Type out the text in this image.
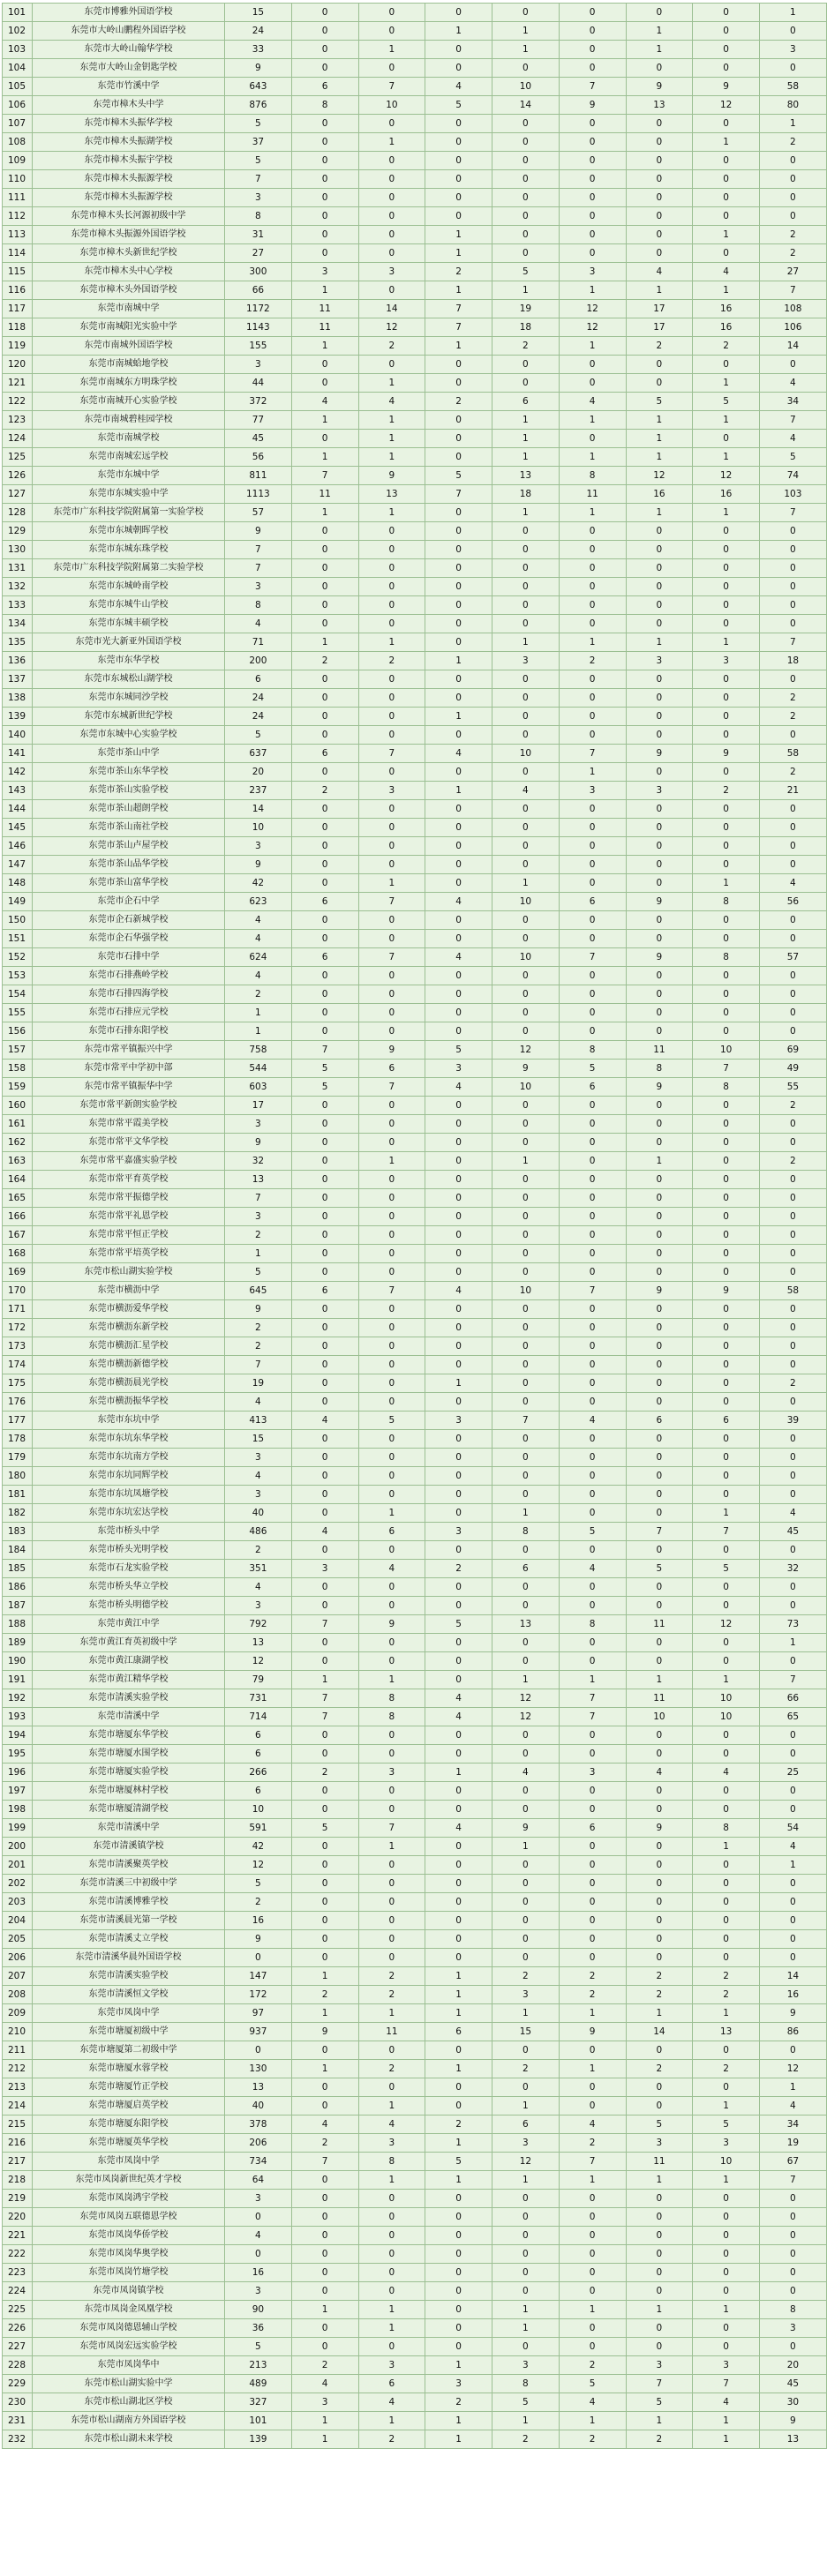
101	东莞市博雅外国语学校	15	0	0	0	0	0	0	0	1
102	东莞市大岭山鹏程外国语学校	24	0	0	1	1	0	1	0	0
103	东莞市大岭山翰华学校	33	0	1	0	1	0	1	0	3
104	东莞市大岭山金钥匙学校	9	0	0	0	0	0	0	0	0
105	东莞市竹溪中学	643	6	7	4	10	7	9	9	58
106	东莞市樟木头中学	876	8	10	5	14	9	13	12	80
107	东莞市樟木头振华学校	5	0	0	0	0	0	0	0	1
108	东莞市樟木头振湖学校	37	0	1	0	0	0	0	1	2
109	东莞市樟木头振宇学校	5	0	0	0	0	0	0	0	0
110	东莞市樟木头振源学校	7	0	0	0	0	0	0	0	0
111	东莞市樟木头振源学校	3	0	0	0	0	0	0	0	0
112	东莞市樟木头长河源初级中学	8	0	0	0	0	0	0	0	0
113	东莞市樟木头振源外国语学校	31	0	0	1	0	0	0	1	2
114	东莞市樟木头新世纪学校	27	0	0	1	0	0	0	0	2
115	东莞市樟木头中心学校	300	3	3	2	5	3	4	4	27
116	东莞市樟木头外国语学校	66	1	0	1	1	1	1	1	7
117	东莞市南城中学	1172	11	14	7	19	12	17	16	108
118	东莞市南城阳光实验中学	1143	11	12	7	18	12	17	16	106
119	东莞市南城外国语学校	155	1	2	1	2	1	2	2	14
120	东莞市南城蛤地学校	3	0	0	0	0	0	0	0	0
121	东莞市南城东方明珠学校	44	0	1	0	0	0	0	1	4
122	东莞市南城开心实验学校	372	4	4	2	6	4	5	5	34
123	东莞市南城碧桂园学校	77	1	1	0	1	1	1	1	7
124	东莞市南城学校	45	0	1	0	1	0	1	0	4
125	东莞市南城宏远学校	56	1	1	0	1	1	1	1	5
126	东莞市东城中学	811	7	9	5	13	8	12	12	74
127	东莞市东城实验中学	1113	11	13	7	18	11	16	16	103
128	东莞市广东科技学院附属第一实验学校	57	1	1	0	1	1	1	1	7
129	东莞市东城朝晖学校	9	0	0	0	0	0	0	0	0
130	东莞市东城东珠学校	7	0	0	0	0	0	0	0	0
131	东莞市广东科技学院附属第二实验学校	7	0	0	0	0	0	0	0	0
132	东莞市东城岭南学校	3	0	0	0	0	0	0	0	0
133	东莞市东城牛山学校	8	0	0	0	0	0	0	0	0
134	东莞市东城丰硕学校	4	0	0	0	0	0	0	0	0
135	东莞市光大新亚外国语学校	71	1	1	0	1	1	1	1	7
136	东莞市东华学校	200	2	2	1	3	2	3	3	18
137	东莞市东城松山湖学校	6	0	0	0	0	0	0	0	0
138	东莞市东城同沙学校	24	0	0	0	0	0	0	0	2
139	东莞市东城新世纪学校	24	0	0	1	0	0	0	0	2
140	东莞市东城中心实验学校	5	0	0	0	0	0	0	0	0
141	东莞市茶山中学	637	6	7	4	10	7	9	9	58
142	东莞市茶山东华学校	20	0	0	0	0	1	0	0	2
143	东莞市茶山实验学校	237	2	3	1	4	3	3	2	21
144	东莞市茶山超朗学校	14	0	0	0	0	0	0	0	0
145	东莞市茶山南社学校	10	0	0	0	0	0	0	0	0
146	东莞市茶山卢屋学校	3	0	0	0	0	0	0	0	0
147	东莞市茶山品华学校	9	0	0	0	0	0	0	0	0
148	东莞市茶山富华学校	42	0	1	0	1	0	0	1	4
149	东莞市企石中学	623	6	7	4	10	6	9	8	56
150	东莞市企石新城学校	4	0	0	0	0	0	0	0	0
151	东莞市企石华强学校	4	0	0	0	0	0	0	0	0
152	东莞市石排中学	624	6	7	4	10	7	9	8	57
153	东莞市石排燕岭学校	4	0	0	0	0	0	0	0	0
154	东莞市石排四海学校	2	0	0	0	0	0	0	0	0
155	东莞市石排应元学校	1	0	0	0	0	0	0	0	0
156	东莞市石排东阳学校	1	0	0	0	0	0	0	0	0
157	东莞市常平镇振兴中学	758	7	9	5	12	8	11	10	69
158	东莞市常平中学初中部	544	5	6	3	9	5	8	7	49
159	东莞市常平镇振华中学	603	5	7	4	10	6	9	8	55
160	东莞市常平新朗实验学校	17	0	0	0	0	0	0	0	2
161	东莞市常平霞美学校	3	0	0	0	0	0	0	0	0
162	东莞市常平文华学校	9	0	0	0	0	0	0	0	0
163	东莞市常平嘉盛实验学校	32	0	1	0	1	0	1	0	2
164	东莞市常平育英学校	13	0	0	0	0	0	0	0	0
165	东莞市常平振德学校	7	0	0	0	0	0	0	0	0
166	东莞市常平礼恩学校	3	0	0	0	0	0	0	0	0
167	东莞市常平恒正学校	2	0	0	0	0	0	0	0	0
168	东莞市常平培英学校	1	0	0	0	0	0	0	0	0
169	东莞市松山湖实验学校	5	0	0	0	0	0	0	0	0
170	东莞市横沥中学	645	6	7	4	10	7	9	9	58
171	东莞市横沥爱华学校	9	0	0	0	0	0	0	0	0
172	东莞市横沥东新学校	2	0	0	0	0	0	0	0	0
173	东莞市横沥汇星学校	2	0	0	0	0	0	0	0	0
174	东莞市横沥新德学校	7	0	0	0	0	0	0	0	0
175	东莞市横沥晨光学校	19	0	0	1	0	0	0	0	2
176	东莞市横沥振华学校	4	0	0	0	0	0	0	0	0
177	东莞市东坑中学	413	4	5	3	7	4	6	6	39
178	东莞市东坑东华学校	15	0	0	0	0	0	0	0	0
179	东莞市东坑南方学校	3	0	0	0	0	0	0	0	0
180	东莞市东坑同辉学校	4	0	0	0	0	0	0	0	0
181	东莞市东坑凤塘学校	3	0	0	0	0	0	0	0	0
182	东莞市东坑宏达学校	40	0	1	0	1	0	0	1	4
183	东莞市桥头中学	486	4	6	3	8	5	7	7	45
184	东莞市桥头光明学校	2	0	0	0	0	0	0	0	0
185	东莞市石龙实验学校	351	3	4	2	6	4	5	5	32
186	东莞市桥头华立学校	4	0	0	0	0	0	0	0	0
187	东莞市桥头明德学校	3	0	0	0	0	0	0	0	0
188	东莞市黄江中学	792	7	9	5	13	8	11	12	73
189	东莞市黄江育英初级中学	13	0	0	0	0	0	0	0	1
190	东莞市黄江康湖学校	12	0	0	0	0	0	0	0	0
191	东莞市黄江精华学校	79	1	1	0	1	1	1	1	7
192	东莞市清溪实验学校	731	7	8	4	12	7	11	10	66
193	东莞市清溪中学	714	7	8	4	12	7	10	10	65
194	东莞市塘厦东华学校	6	0	0	0	0	0	0	0	0
195	东莞市塘厦水围学校	6	0	0	0	0	0	0	0	0
196	东莞市塘厦实验学校	266	2	3	1	4	3	4	4	25
197	东莞市塘厦林村学校	6	0	0	0	0	0	0	0	0
198	东莞市塘厦清湖学校	10	0	0	0	0	0	0	0	0
199	东莞市清溪中学	591	5	7	4	9	6	9	8	54
200	东莞市清溪镇学校	42	0	1	0	1	0	0	1	4
201	东莞市清溪聚英学校	12	0	0	0	0	0	0	0	1
202	东莞市清溪三中初级中学	5	0	0	0	0	0	0	0	0
203	东莞市清溪博雅学校	2	0	0	0	0	0	0	0	0
204	东莞市清溪晨光第一学校	16	0	0	0	0	0	0	0	0
205	东莞市清溪丈立学校	9	0	0	0	0	0	0	0	0
206	东莞市清溪华晨外国语学校	0	0	0	0	0	0	0	0	0
207	东莞市清溪实验学校	147	1	2	1	2	2	2	2	14
208	东莞市清溪恒文学校	172	2	2	1	3	2	2	2	16
209	东莞市凤岗中学	97	1	1	1	1	1	1	1	9
210	东莞市塘厦初级中学	937	9	11	6	15	9	14	13	86
211	东莞市塘厦第二初级中学	0	0	0	0	0	0	0	0	0
212	东莞市塘厦水蓉学校	130	1	2	1	2	1	2	2	12
213	东莞市塘厦竹正学校	13	0	0	0	0	0	0	0	1
214	东莞市塘厦启英学校	40	0	1	0	1	0	0	1	4
215	东莞市塘厦东阳学校	378	4	4	2	6	4	5	5	34
216	东莞市塘厦英华学校	206	2	3	1	3	2	3	3	19
217	东莞市凤岗中学	734	7	8	5	12	7	11	10	67
218	东莞市凤岗新世纪英才学校	64	0	1	1	1	1	1	1	7
219	东莞市凤岗鸿宇学校	3	0	0	0	0	0	0	0	0
220	东莞市凤岗五联德恩学校	0	0	0	0	0	0	0	0	0
221	东莞市凤岗华侨学校	4	0	0	0	0	0	0	0	0
222	东莞市凤岗华奥学校	0	0	0	0	0	0	0	0	0
223	东莞市凤岗竹塘学校	16	0	0	0	0	0	0	0	0
224	东莞市凤岗镇学校	3	0	0	0	0	0	0	0	0
225	东莞市凤岗金凤凰学校	90	1	1	0	1	1	1	1	8
226	东莞市凤岗德恩辅山学校	36	0	1	0	1	0	0	0	3
227	东莞市凤岗宏远实验学校	5	0	0	0	0	0	0	0	0
228	东莞市凤岗华中	213	2	3	1	3	2	3	3	20
229	东莞市松山湖实验中学	489	4	6	3	8	5	7	7	45
230	东莞市松山湖北区学校	327	3	4	2	5	4	5	4	30
231	东莞市松山湖南方外国语学校	101	1	1	1	1	1	1	1	9
232	东莞市松山湖未来学校	139	1	2	1	2	2	2	1	13
